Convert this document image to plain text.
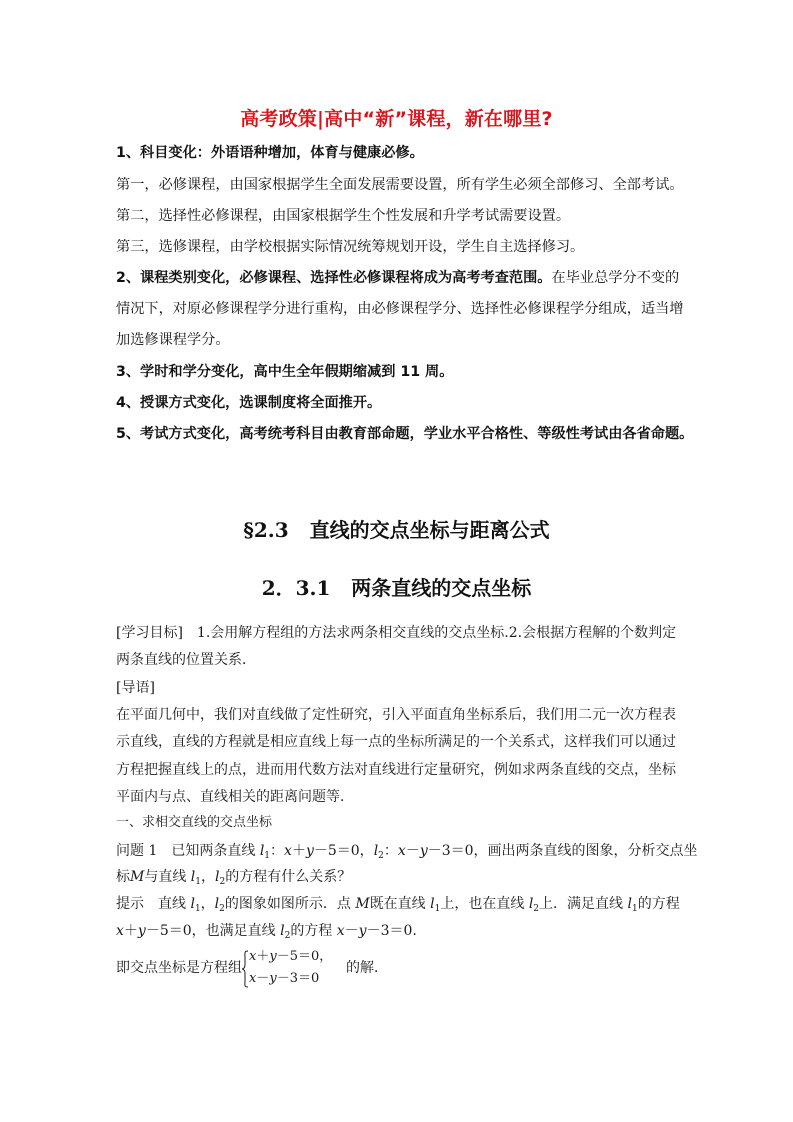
高考政策|高中“新”课程，新在哪里?
1、科目变化：外语语种增加，体育与健康必修。
第一，必修课程，由国家根据学生全面发展需要设置，所有学生必须全部修习、全部考试。
第二，选择性必修课程，由国家根据学生个性发展和升学考试需要设置。
第三，选修课程，由学校根据实际情况统筹规划开设，学生自主选择修习。
2、课程类别变化，必修课程、选择性必修课程将成为高考考查范围。在毕业总学分不变的
情况下，对原必修课程学分进行重构，由必修课程学分、选择性必修课程学分组成，适当增
加选修课程学分。
3、学时和学分变化，高中生全年假期缩减到 11 周。
4、授课方式变化，选课制度将全面推开。
5、考试方式变化，高考统考科目由教育部命题，学业水平合格性、等级性考试由各省命题。
§2.3 直线的交点坐标与距离公式
2．3.1 两条直线的交点坐标
[学习目标]　1.会用解方程组的方法求两条相交直线的交点坐标.2.会根据方程解的个数判定
两条直线的位置关系．
[导语]
在平面几何中，我们对直线做了定性研究，引入平面直角坐标系后，我们用二元一次方程表
示直线，直线的方程就是相应直线上每一点的坐标所满足的一个关系式，这样我们可以通过
方程把握直线上的点，进而用代数方法对直线进行定量研究，例如求两条直线的交点，坐标
平面内与点、直线相关的距离问题等．
一、求相交直线的交点坐标
问题 1　已知两条直线 $l_1$：x＋y－5＝0，$l_2$：x－y－3＝0，画出两条直线的图象，分析交点坐
标M与直线 $l_1$，$l_2$的方程有什么关系？
提示　直线 $l_1$，$l_2$的图象如图所示．点 M既在直线 $l_1$上，也在直线 $l_2$上．满足直线 $l_1$的方程
x＋y－5＝0，也满足直线 $l_2$的方程 x－y－3＝0.
即交点坐标是方程组
x＋y－5＝0，
x－y－3＝0
的解．
